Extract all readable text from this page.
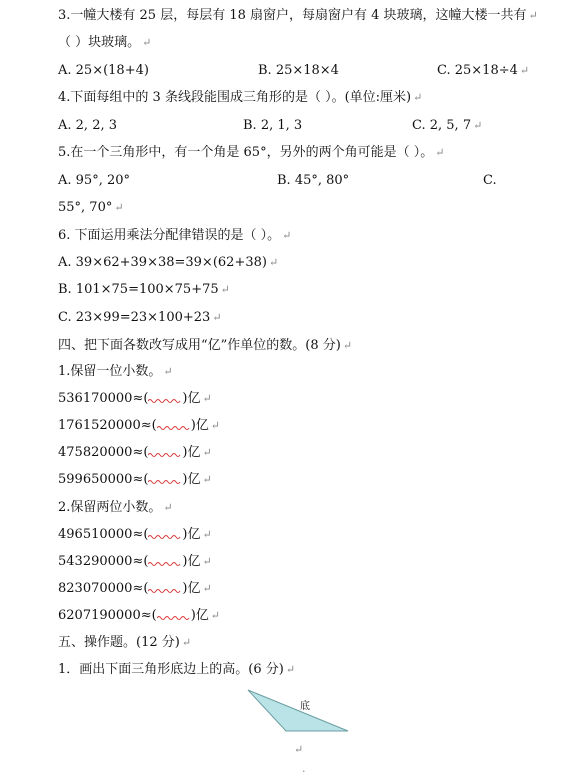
3.一幢大楼有 25 层，每层有 18 扇窗户，每扇窗户有 4 块玻璃，这幢大楼一共有 ↵
（ ）块玻璃。 ↵
A. 25×(18+4)	B. 25×18×4	C. 25×18÷4 ↵
4.下面每组中的 3 条线段能围成三角形的是（ ）。(单位:厘米) ↵
A. 2, 2, 3	B. 2, 1, 3	C. 2, 5, 7 ↵
5.在一个三角形中，有一个角是 65°，另外的两个角可能是（ ）。 ↵
A. 95°, 20°	B. 45°, 80°	C.
55°, 70° ↵
6. 下面运用乘法分配律错误的是（ ）。 ↵
A. 39×62+39×38=39×(62+38) ↵
B. 101×75=100×75+75 ↵
C. 23×99=23×100+23 ↵
四、把下面各数改写成用“亿”作单位的数。(8 分) ↵
1.保留一位小数。 ↵
536170000≈(	)亿 ↵
1761520000≈(	)亿 ↵
475820000≈(	)亿 ↵
599650000≈(	)亿 ↵
2.保留两位小数。 ↵
496510000≈(	)亿 ↵
543290000≈(	)亿 ↵
823070000≈(	)亿 ↵
6207190000≈(	)亿 ↵
五、操作题。(12 分) ↵
1．画出下面三角形底边上的高。(6 分) ↵
底
↵
·
